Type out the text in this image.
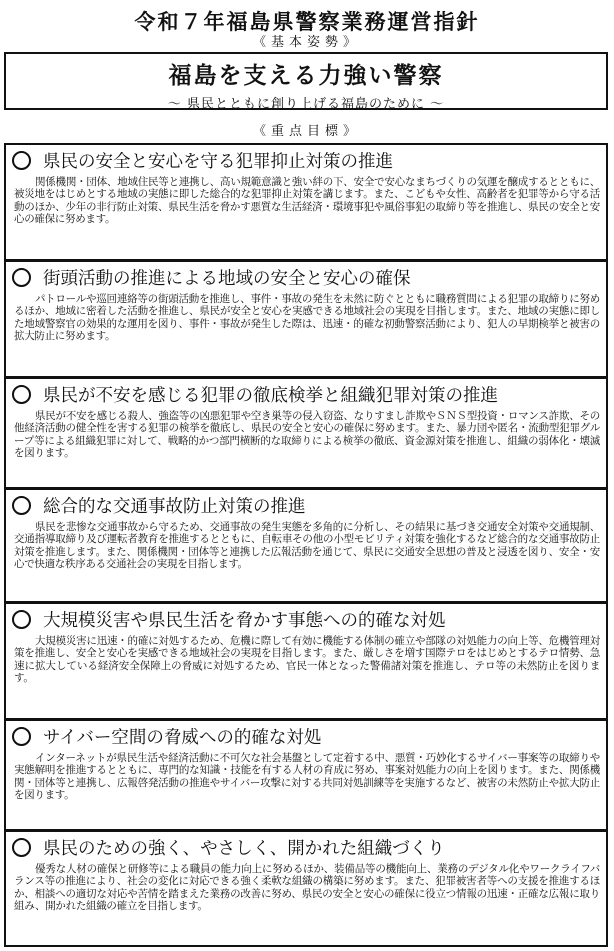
令和７年福島県警察業務運営指針
《基本姿勢》
福島を支える力強い警察
〜 県民とともに創り上げる福島のために 〜
《重点目標》
県民の安全と安心を守る犯罪抑止対策の推進
関係機関・団体、地域住民等と連携し、高い規範意識と強い絆の下、安全で安心なまちづくりの気運を醸成するとともに、被災地をはじめとする地域の実態に即した総合的な犯罪抑止対策を講じます。また、こどもや女性、高齢者を犯罪等から守る活動のほか、少年の非行防止対策、県民生活を脅かす悪質な生活経済・環境事犯や風俗事犯の取締り等を推進し、県民の安全と安心の確保に努めます。
街頭活動の推進による地域の安全と安心の確保
パトロールや巡回連絡等の街頭活動を推進し、事件・事故の発生を未然に防ぐとともに職務質問による犯罪の取締りに努めるほか、地域に密着した活動を推進し、県民が安全と安心を実感できる地域社会の実現を目指します。また、地域の実態に即した地域警察官の効果的な運用を図り、事件・事故が発生した際は、迅速・的確な初動警察活動により、犯人の早期検挙と被害の拡大防止に努めます。
県民が不安を感じる犯罪の徹底検挙と組織犯罪対策の推進
県民が不安を感じる殺人、強盗等の凶悪犯罪や空き巣等の侵入窃盗、なりすまし詐欺やＳＮＳ型投資・ロマンス詐欺、その他経済活動の健全性を害する犯罪の検挙を徹底し、県民の安全と安心の確保に努めます。また、暴力団や匿名・流動型犯罪グループ等による組織犯罪に対して、戦略的かつ部門横断的な取締りによる検挙の徹底、資金源対策を推進し、組織の弱体化・壊滅を図ります。
総合的な交通事故防止対策の推進
県民を悲惨な交通事故から守るため、交通事故の発生実態を多角的に分析し、その結果に基づき交通安全対策や交通規制、交通指導取締り及び運転者教育を推進するとともに、自転車その他の小型モビリティ対策を強化するなど総合的な交通事故防止対策を推進します。また、関係機関・団体等と連携した広報活動を通じて、県民に交通安全思想の普及と浸透を図り、安全・安心で快適な秩序ある交通社会の実現を目指します。
大規模災害や県民生活を脅かす事態への的確な対処
大規模災害に迅速・的確に対処するため、危機に際して有効に機能する体制の確立や部隊の対処能力の向上等、危機管理対策を推進し、安全と安心を実感できる地域社会の実現を目指します。また、厳しさを増す国際テロをはじめとするテロ情勢、急速に拡大している経済安全保障上の脅威に対処するため、官民一体となった警備諸対策を推進し、テロ等の未然防止を図ります。
サイバー空間の脅威への的確な対処
インターネットが県民生活や経済活動に不可欠な社会基盤として定着する中、悪質・巧妙化するサイバー事案等の取締りや実態解明を推進するとともに、専門的な知識・技能を有する人材の育成に努め、事案対処能力の向上を図ります。また、関係機関・団体等と連携し、広報啓発活動の推進やサイバー攻撃に対する共同対処訓練等を実施するなど、被害の未然防止や拡大防止を図ります。
県民のための強く、やさしく、開かれた組織づくり
優秀な人材の確保と研修等による職員の能力向上に努めるほか、装備品等の機能向上、業務のデジタル化やワークライフバランス等の推進により、社会の変化に対応できる強く柔軟な組織の構築に努めます。また、犯罪被害者等への支援を推進するほか、相談への適切な対応や苦情を踏まえた業務の改善に努め、県民の安全と安心の確保に役立つ情報の迅速・正確な広報に取り組み、開かれた組織の確立を目指します。
